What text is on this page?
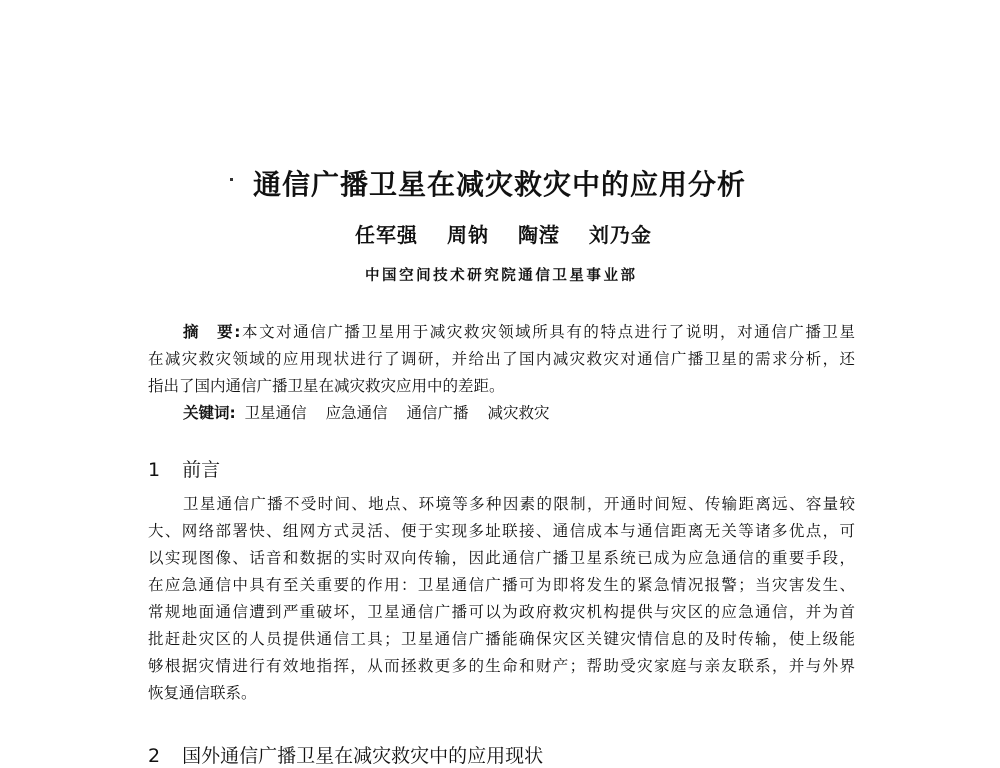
通信广播卫星在减灾救灾中的应用分析
任军强 周钠 陶滢 刘乃金
中国空间技术研究院通信卫星事业部
摘　要:本文对通信广播卫星用于减灾救灾领域所具有的特点进行了说明，对通信广播卫星
在减灾救灾领域的应用现状进行了调研，并给出了国内减灾救灾对通信广播卫星的需求分析，还
指出了国内通信广播卫星在减灾救灾应用中的差距。
关键词: 卫星通信 应急通信 通信广播 减灾救灾
1 前言
卫星通信广播不受时间、地点、环境等多种因素的限制，开通时间短、传输距离远、容量较
大、网络部署快、组网方式灵活、便于实现多址联接、通信成本与通信距离无关等诸多优点，可
以实现图像、话音和数据的实时双向传输，因此通信广播卫星系统已成为应急通信的重要手段，
在应急通信中具有至关重要的作用：卫星通信广播可为即将发生的紧急情况报警；当灾害发生、
常规地面通信遭到严重破坏，卫星通信广播可以为政府救灾机构提供与灾区的应急通信，并为首
批赶赴灾区的人员提供通信工具；卫星通信广播能确保灾区关键灾情信息的及时传输，使上级能
够根据灾情进行有效地指挥，从而拯救更多的生命和财产；帮助受灾家庭与亲友联系，并与外界
恢复通信联系。
2 国外通信广播卫星在减灾救灾中的应用现状
